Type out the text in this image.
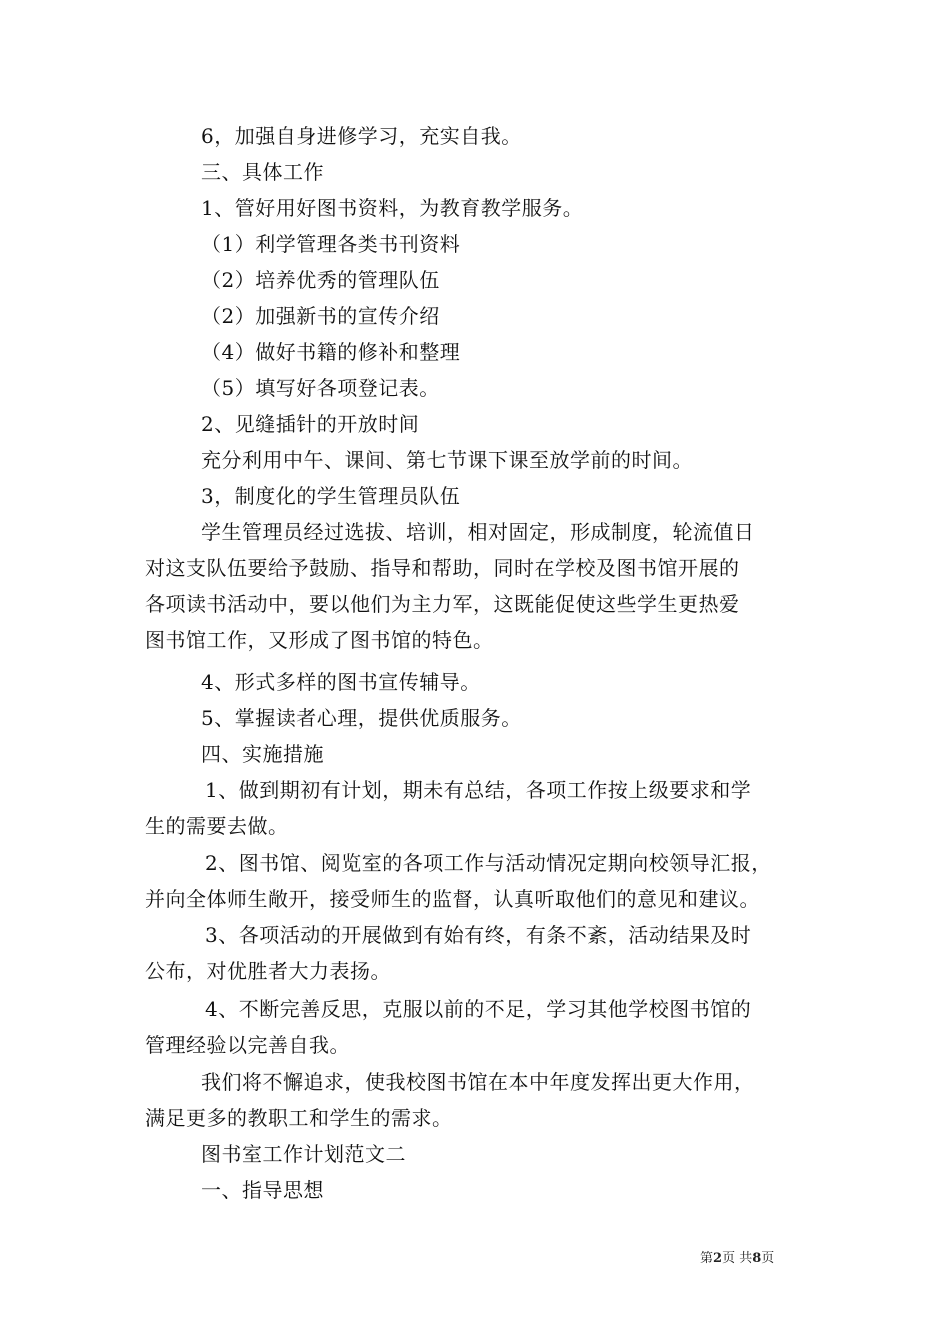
6，加强自身进修学习，充实自我。
三、具体工作
1、管好用好图书资料，为教育教学服务。
（1）利学管理各类书刊资料
（2）培养优秀的管理队伍
（2）加强新书的宣传介绍
（4）做好书籍的修补和整理
（5）填写好各项登记表。
2、见缝插针的开放时间
充分利用中午、课间、第七节课下课至放学前的时间。
3，制度化的学生管理员队伍
学生管理员经过选拔、培训，相对固定，形成制度，轮流值日
对这支队伍要给予鼓励、指导和帮助，同时在学校及图书馆开展的
各项读书活动中，要以他们为主力军，这既能促使这些学生更热爱
图书馆工作，又形成了图书馆的特色。
4、形式多样的图书宣传辅导。
5、掌握读者心理，提供优质服务。
四、实施措施
1、做到期初有计划，期未有总结，各项工作按上级要求和学
生的需要去做。
2、图书馆、阅览室的各项工作与活动情况定期向校领导汇报，
并向全体师生敞开，接受师生的监督，认真听取他们的意见和建议。
3、各项活动的开展做到有始有终，有条不紊，活动结果及时
公布，对优胜者大力表扬。
4、不断完善反思，克服以前的不足，学习其他学校图书馆的
管理经验以完善自我。
我们将不懈追求，使我校图书馆在本中年度发挥出更大作用，
满足更多的教职工和学生的需求。
图书室工作计划范文二
一、指导思想
第2页 共8页
